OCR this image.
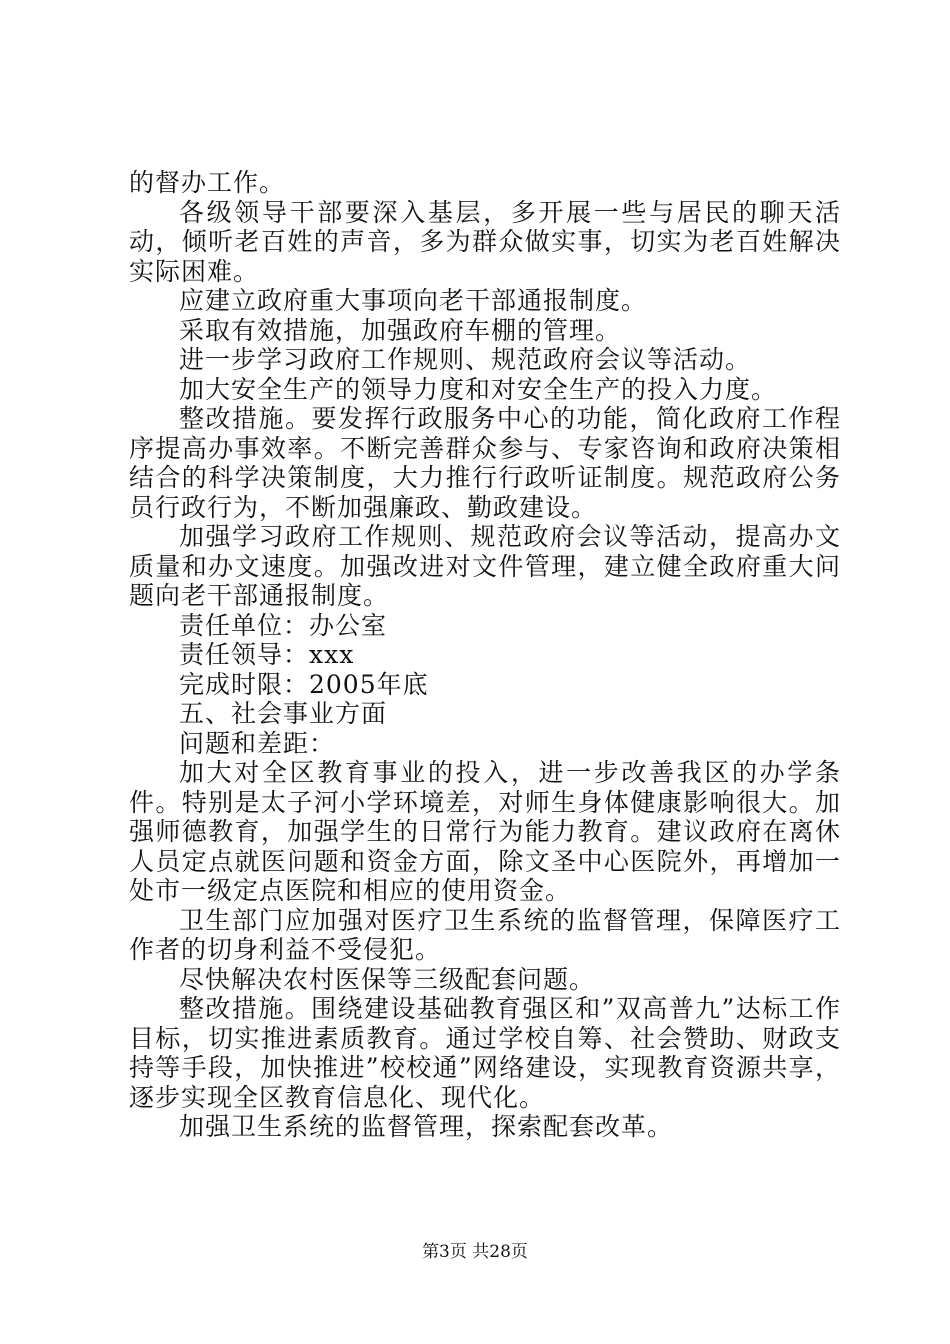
的督办工作。

各级领导干部要深入基层，多开展一些与居民的聊天活动，倾听老百姓的声音，多为群众做实事，切实为老百姓解决实际困难。

应建立政府重大事项向老干部通报制度。

采取有效措施，加强政府车棚的管理。

进一步学习政府工作规则、规范政府会议等活动。

加大安全生产的领导力度和对安全生产的投入力度。

整改措施。要发挥行政服务中心的功能，简化政府工作程序提高办事效率。不断完善群众参与、专家咨询和政府决策相结合的科学决策制度，大力推行行政听证制度。规范政府公务员行政行为，不断加强廉政、勤政建设。

加强学习政府工作规则、规范政府会议等活动，提高办文质量和办文速度。加强改进对文件管理，建立健全政府重大问题向老干部通报制度。

责任单位：办公室

责任领导：xxx

完成时限：2005年底

五、社会事业方面

问题和差距：

加大对全区教育事业的投入，进一步改善我区的办学条件。特别是太子河小学环境差，对师生身体健康影响很大。加强师德教育，加强学生的日常行为能力教育。建议政府在离休人员定点就医问题和资金方面，除文圣中心医院外，再增加一处市一级定点医院和相应的使用资金。

卫生部门应加强对医疗卫生系统的监督管理，保障医疗工作者的切身利益不受侵犯。

尽快解决农村医保等三级配套问题。

整改措施。围绕建设基础教育强区和”双高普九”达标工作目标，切实推进素质教育。通过学校自筹、社会赞助、财政支持等手段，加快推进”校校通”网络建设，实现教育资源共享，逐步实现全区教育信息化、现代化。

加强卫生系统的监督管理，探索配套改革。

第3页 共28页
